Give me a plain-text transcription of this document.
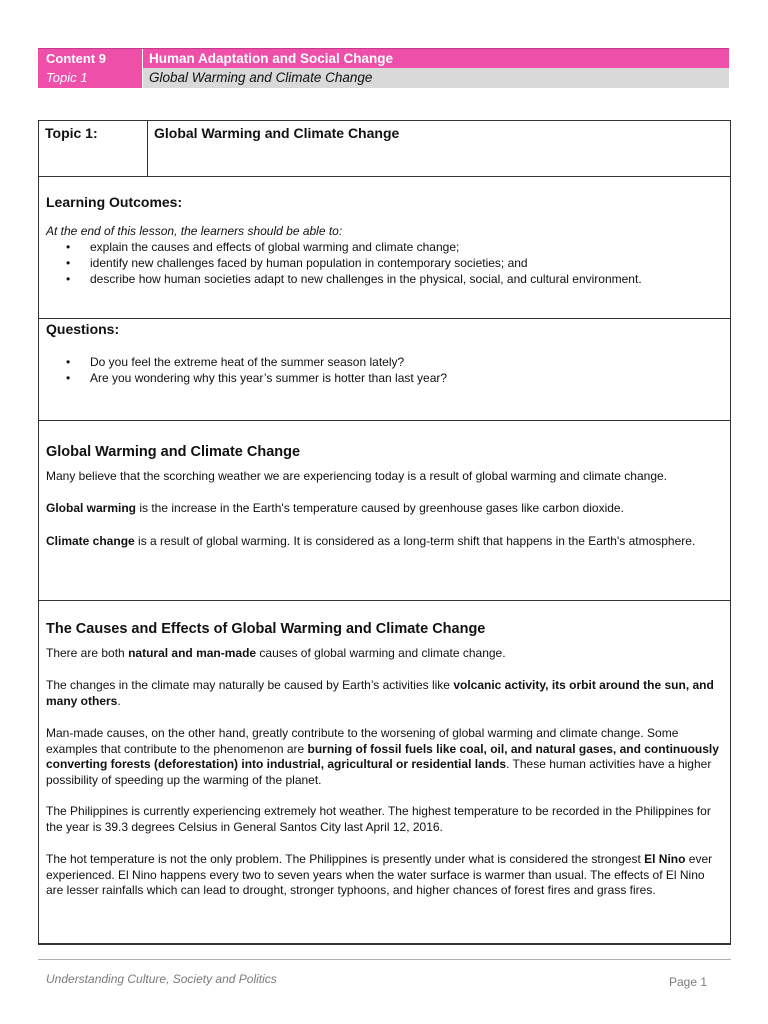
Content 9	Human Adaptation and Social Change
Topic 1	Global Warming and Climate Change
Topic 1:	Global Warming and Climate Change
Learning Outcomes:
At the end of this lesson, the learners should be able to:
• explain the causes and effects of global warming and climate change;
• identify new challenges faced by human population in contemporary societies; and
• describe how human societies adapt to new challenges in the physical, social, and cultural environment.
Questions:
• Do you feel the extreme heat of the summer season lately?
• Are you wondering why this year’s summer is hotter than last year?
Global Warming and Climate Change
Many believe that the scorching weather we are experiencing today is a result of global warming and climate change.
Global warming is the increase in the Earth's temperature caused by greenhouse gases like carbon dioxide.
Climate change is a result of global warming. It is considered as a long-term shift that happens in the Earth's atmosphere.
The Causes and Effects of Global Warming and Climate Change
There are both natural and man-made causes of global warming and climate change.
The changes in the climate may naturally be caused by Earth’s activities like volcanic activity, its orbit around the sun, and many others.
Man-made causes, on the other hand, greatly contribute to the worsening of global warming and climate change. Some examples that contribute to the phenomenon are burning of fossil fuels like coal, oil, and natural gases, and continuously converting forests (deforestation) into industrial, agricultural or residential lands. These human activities have a higher possibility of speeding up the warming of the planet.
The Philippines is currently experiencing extremely hot weather. The highest temperature to be recorded in the Philippines for the year is 39.3 degrees Celsius in General Santos City last April 12, 2016.
The hot temperature is not the only problem. The Philippines is presently under what is considered the strongest El Nino ever experienced. El Nino happens every two to seven years when the water surface is warmer than usual. The effects of El Nino are lesser rainfalls which can lead to drought, stronger typhoons, and higher chances of forest fires and grass fires.
Understanding Culture, Society and Politics	Page 1
